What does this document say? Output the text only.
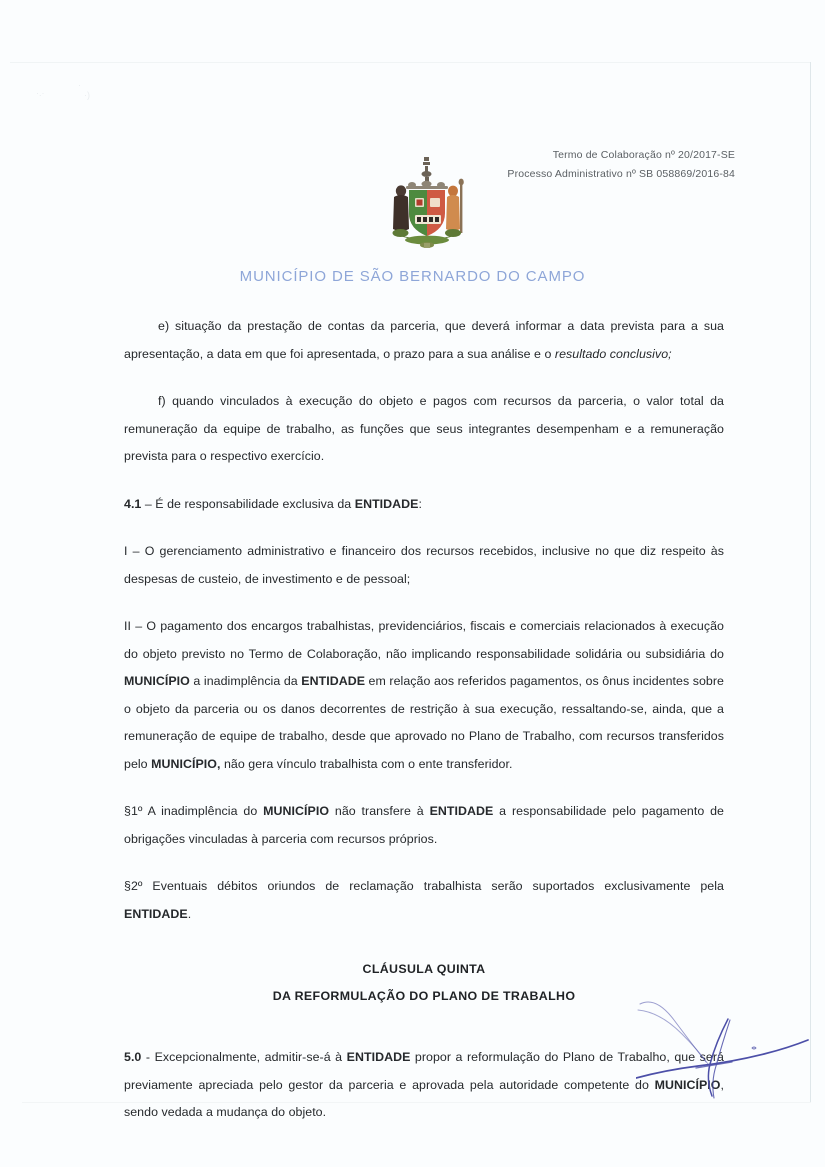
·.·
·
·)
Termo de Colaboração nº 20/2017-SE
Processo Administrativo nº SB 058869/2016-84
MUNICÍPIO DE SÃO BERNARDO DO CAMPO

e) situação da prestação de contas da parceria, que deverá informar a data prevista para a sua apresentação, a data em que foi apresentada, o prazo para a sua análise e o resultado conclusivo;

f) quando vinculados à execução do objeto e pagos com recursos da parceria, o valor total da remuneração da equipe de trabalho, as funções que seus integrantes desempenham e a remuneração prevista para o respectivo exercício.

4.1 – É de responsabilidade exclusiva da ENTIDADE:

I – O gerenciamento administrativo e financeiro dos recursos recebidos, inclusive no que diz respeito às despesas de custeio, de investimento e de pessoal;

II – O pagamento dos encargos trabalhistas, previdenciários, fiscais e comerciais relacionados à execução do objeto previsto no Termo de Colaboração, não implicando responsabilidade solidária ou subsidiária do MUNICÍPIO a inadimplência da ENTIDADE em relação aos referidos pagamentos, os ônus incidentes sobre o objeto da parceria ou os danos decorrentes de restrição à sua execução, ressaltando-se, ainda, que a remuneração de equipe de trabalho, desde que aprovado no Plano de Trabalho, com recursos transferidos pelo MUNICÍPIO, não gera vínculo trabalhista com o ente transferidor.

§1º A inadimplência do MUNICÍPIO não transfere à ENTIDADE a responsabilidade pelo pagamento de obrigações vinculadas à parceria com recursos próprios.

§2º Eventuais débitos oriundos de reclamação trabalhista serão suportados exclusivamente pela ENTIDADE.

CLÁUSULA QUINTA
DA REFORMULAÇÃO DO PLANO DE TRABALHO

5.0 - Excepcionalmente, admitir-se-á à ENTIDADE propor a reformulação do Plano de Trabalho, que será previamente apreciada pelo gestor da parceria e aprovada pela autoridade competente do MUNICÍPIO, sendo vedada a mudança do objeto.
